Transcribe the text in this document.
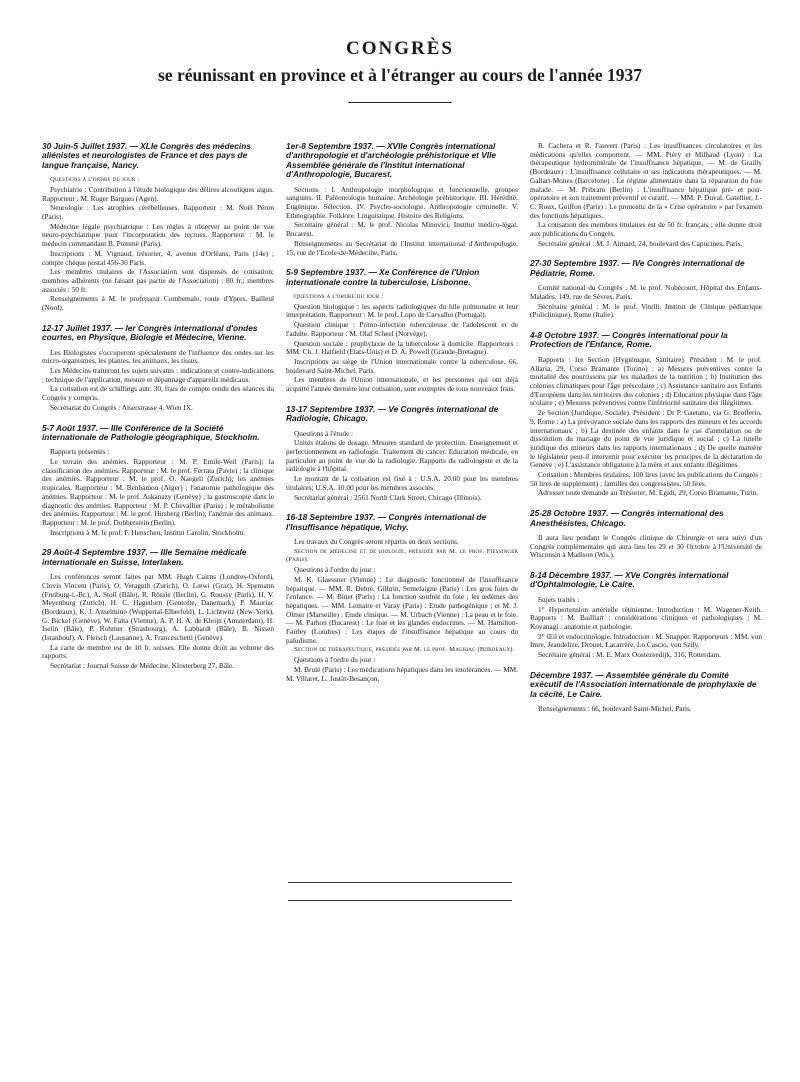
CONGRÈS
se réunissant en province et à l'étranger au cours de l'année 1937
30 Juin-5 Juillet 1937. — XLIe Congrès des médecins aliénistes et neurologistes de France et des pays de langue française, Nancy.

Questions à l'ordre du jour :

Psychiatrie : Contribution à l'étude biologique des délires alcooliques aigus. Rapporteur : M. Roger Bargues (Agen).

Neurologie : Les atrophies cérébelleuses. Rapporteur : M. Noël Péron (Paris).

Médecine légale psychiatrique : Les règles à observer au point de vue neuro-psychiatrique pour l'incorporation des recrues. Rapporteur : M. le médecin commandant B. Pommé (Paris).

Inscriptions : M. Vignaud, trésorier, 4, avenue d'Orléans, Paris (14e) ; compte chèque postal 456-30 Paris.

Les membres titulaires de l'Association sont dispensés de cotisation; membres adhérents (ne faisant pas partie de l'Association) : 80 fr.; membres associés : 50 fr.

Renseignements à M. le professeur Combemale, route d'Ypres, Bailleul (Nord).

12-17 Juillet 1937. — Ier Congrès international d'ondes courtes, en Physique, Biologie et Médecine, Vienne.

Les Biologistes s'occuperont spécialement de l'influence des ondes sur les micro-organismes, les plantes, les animaux, les tissus.

Les Médecins traiteront les sujets suivants : indications et contre-indications ; technique de l'application, mesure et dépannage d'appareils médicaux.

La cotisation est de schillings autr. 30, frais de compte rendu des séances du Congrès y compris.

Secrétariat du Congrès : Alserstrasse 4, Wien IX.

5-7 Août 1937. — IIIe Conférence de la Société internationale de Pathologie géographique, Stockholm.

Rapports présentés :

Le terrain des anémies. Rapporteur : M. P. Emile-Weil (Paris); la classification des anémies. Rapporteur : M. le prof. Ferrata (Pavie) ; la clinique des anémies. Rapporteur : M. le prof. O. Naegeli (Zurich); les anémies tropicales. Rapporteur : M. Benhamou (Alger) ; l'anatomie pathologique des anémies. Rapporteur : M. le prof. Askanazy (Genève) ; la gastroscopie dans le diagnostic des anémies. Rapporteur : M. P. Chevallier (Paris) ; le métabolisme des anémies. Rapporteur : M. le prof. Hirsberg (Berlin); l'anémie des animaux. Rapporteur : M. le prof. Dobberstein (Berlin).

Inscriptions à M. le prof. F. Henschen, Institut Carolin, Stockholm.

29 Août-4 Septembre 1937. — IIIe Semaine médicale internationale en Suisse, Interlaken.

Les conférences seront faites par MM. Hugh Cairns (Londres-Oxford), Clovis Vincent (Paris), O. Veraguth (Zurich), O. Lœwi (Graz), H. Spemann (Freiburg-i.-Br.), A. Stoll (Bâle), R. Rössle (Berlin), G. Roussy (Paris), H. V. Meyenburg (Zurich), H. C. Hagedorn (Gentofte, Danemark), P. Mauriac (Bordeaux), K. J. Anselmino (Wuppertal-Elberfeld), L. Lichtwitz (New-York), G. Bickel (Genève), W. Falta (Vienne), A. P. H. A. de Kleijn (Amsterdam), H. Iselin (Bâle), P. Rohmer (Strasbourg), A. Labhardt (Bâle), B. Nissen (Istanboul), A. Fleisch (Lausanne), A. Franceschetti (Genève).

La carte de membre est de 10 fr. suisses. Elle donne droit au volume des rapports.

Secrétariat : Journal Suisse de Médecine, Klosterberg 27, Bâle.

1er-8 Septembre 1937. — XVIIe Congrès international d'anthropologie et d'archéologie préhistorique et VIIe Assemblée générale de l'Institut international d'Anthropologie, Bucarest.

Sections : I. Anthropologie morphologique et fonctionnelle, groupes sanguins. II. Paléontologie humaine. Archéologie préhistorique. III. Hérédité. Eugénique. Sélection. IV. Psycho-sociologie. Anthropologie criminelle. V. Ethnographie. Folklore. Linguistique. Histoire des Religions.

Secrétaire général : M. le prof. Nicolas Minovici, Institut médico-légal, Bucarest.

Renseignements au Secrétariat de l'Institut international d'Anthropologie, 15, rue de l'Ecole-de-Médecine, Paris.

5-9 Septembre 1937. — Xe Conférence de l'Union internationale contre la tuberculose, Lisbonne.

Questions à l'ordre du jour :

Question biologique : les aspects radiologiques du hile pulmonaire et leur interprétation. Rapporteur : M. le prof. Lopo de Carvalho (Portugal).

Question clinique : Primo-infection tuberculeuse de l'adolescent et de l'adulte. Rapporteur : M. Olaf Scheel (Norvège).

Question sociale : prophylaxie de la tuberculose à domicile. Rapporteurs : MM. Ch. J. Hatfield (Etats-Unis) et D. A. Powell (Grande-Bretagne).

Inscriptions au siège de l'Union internationale contre la tuberculose, 66, boulevard Saint-Michel, Paris.

Les membres de l'Union internationale, et les personnes qui ont déjà acquitté l'année dernière leur cotisation, sont exemptés de tous nouveaux frais.

13-17 Septembre 1937. — Ve Congrès international de Radiologie, Chicago.

Questions à l'étude :

Unités étalons de dosage. Mesures standard de protection. Enseignement et perfectionnement en radiologie. Traitement du cancer. Education médicale, en particulier au point de vue de la radiologie. Rapports du radiologiste et de la radiologie à l'hôpital.

Le montant de la cotisation est fixé à : U.S.A. 20.00 pour les membres titulaires; U.S.A. 10.00 pour les membres associés.

Secrétariat général : 2561 North Clark Street, Chicago (Illinois).

16-18 Septembre 1937. — Congrès international de l'Insuffisance hépatique, Vichy.

Les travaux du Congrès seront répartis en deux sections.

Section de médecine et de biologie, présidée par M. le prof. Fiessinger (Paris).

Questions à l'ordre du jour :

M. K. Glaessner (Vienne) : Le diagnostic fonctionnel de l'insuffisance hépatique. — MM. R. Debré, Gilbrin, Semelaigne (Paris) : Les gros foies de l'enfance. — M. Binet (Paris) : La fonction soufrée du foie ; les œdèmes des hépatiques. — MM. Lemaire et Varay (Paris) : Etude pathogénique ; et M. J. Olmer (Marseille) : Etude clinique. — M. Urbach (Vienne) : La peau et le foie. — M. Parhon (Bucarest) : Le foie et les glandes endocrines. — M. Hamilton-Fairley (Londres) : Les étapes de l'insuffisance hépatique au cours du paludisme.

Section de thérapeutique, présidée par M. le prof. Mauriac (Bordeaux).

Questions à l'ordre du jour :

M. Brulé (Paris) : Les médications hépatiques dans les intolérances. — MM. M. Villaret, L. Justin-Besançon,

R. Cachera et R. Fauvert (Paris) : Les insuffisances circulatoires et les médications qu'elles comportent. — MM. Piéry et Milhaud (Lyon) : La thérapeutique hydrominérale de l'insuffisance hépatique. — M. de Grailly (Bordeaux) : L'insuffisance cellulaire et ses indications thérapeutiques. — M. Gallart-Mones (Barcelone) : Le régime alimentaire dans la réparation du foie malade. — M. Pribram (Berlin) : L'insuffisance hépatique pré- et post-opératoire et son traitement préventif et curatif. — MM. P. Duval, Gatellier, J.-C. Roux, Goiffon (Paris) : Le pronostic de la « Crise opératoire » par l'examen des fonctions hépatiques.

La cotisation des membres titulaires est de 50 fr. français ; elle donne droit aux publications du Congrès.

Secrétaire général : M. J. Aimard, 24, boulevard des Capucines, Paris.

27-30 Septembre 1937. — IVe Congrès international de Pédiatrie, Rome.

Comité national du Congrès : M. le prof. Nobécourt, Hôpital des Enfants-Malades, 149, rue de Sèvres, Paris.

Secrétaire général : M. le prof. Vitelli, Institut de Clinique pédiatrique (Policlinique), Rome (Italie).

4-8 Octobre 1937. — Congrès international pour la Protection de l'Enfance, Rome.

Rapports : 1re Section (Hygiénique, Sanitaire). Président : M. le prof. Allaria, 29, Corso Bramante (Torino) : a) Mesures préventives contre la mortalité des nourrissons par les maladies de la nutrition ; b) Institution des colonies climatiques pour l'âge préscolaire ; c) Assistance sanitaire aux Enfants d'Européens dans les territoires des colonies ; d) Education physique dans l'âge scolaire ; e) Mesures préventives contre l'infériorité sanitaire des illégitimes.

2e Section (Juridique, Sociale). Président : Dr P. Gaetano, via G. Brofferio, 9, Rome : a) La prévoyance sociale dans les rapports des mineurs et les accords internationaux ; b) La destinée des enfants dans le cas d'annulation ou de dissolution du mariage du point de vue juridique et social ; c) La tutelle juridique des mineurs dans les rapports internationaux ; d) De quelle manière le législateur peut-il intervenir pour exécuter les principes de la déclaration de Genève ; e) L'assistance obligatoire à la mère et aux enfants illégitimes.

Cotisation : Membres titulaires, 100 lires (avec les publications du Congrès : 50 lires de supplément) ; familles des congressistes, 50 lires.

Adresser toute demande au Trésorier, M. Egidi, 29, Corso Bramante, Turin.

25-28 Octobre 1937. — Congrès international des Anesthésistes, Chicago.

Il aura lieu pendant le Congrès clinique de Chirurgie et sera suivi d'un Congrès complémentaire qui aura lieu les 29 et 30 Octobre à l'Université de Wisconsin à Madison (Wis.).

8-14 Décembre 1937. — XVe Congrès international d'Ophtalmologie, Le Caire.

Sujets traités :

1° Hypertension artérielle rétinienne. Introduction : M. Wagener-Keith. Rapports : M. Bailliart : considérations cliniques et pathologiques ; M. Koyanagi : anatomie et pathologie.

2° Œil et endocrinologie. Introduction : M. Snapper. Rapporteurs : MM. von Imre, Jeandelize, Drouet, Lacarrère, Lo Cascio, von Szily.

Secrétaire général : M. E. Marx Oostezeedijk, 316, Rotterdam.

Décembre 1937. — Assemblée générale du Comité exécutif de l'Association internationale de prophylaxie de la cécité, Le Caire.

Renseignements : 66, boulevard Saint-Michel, Paris.
